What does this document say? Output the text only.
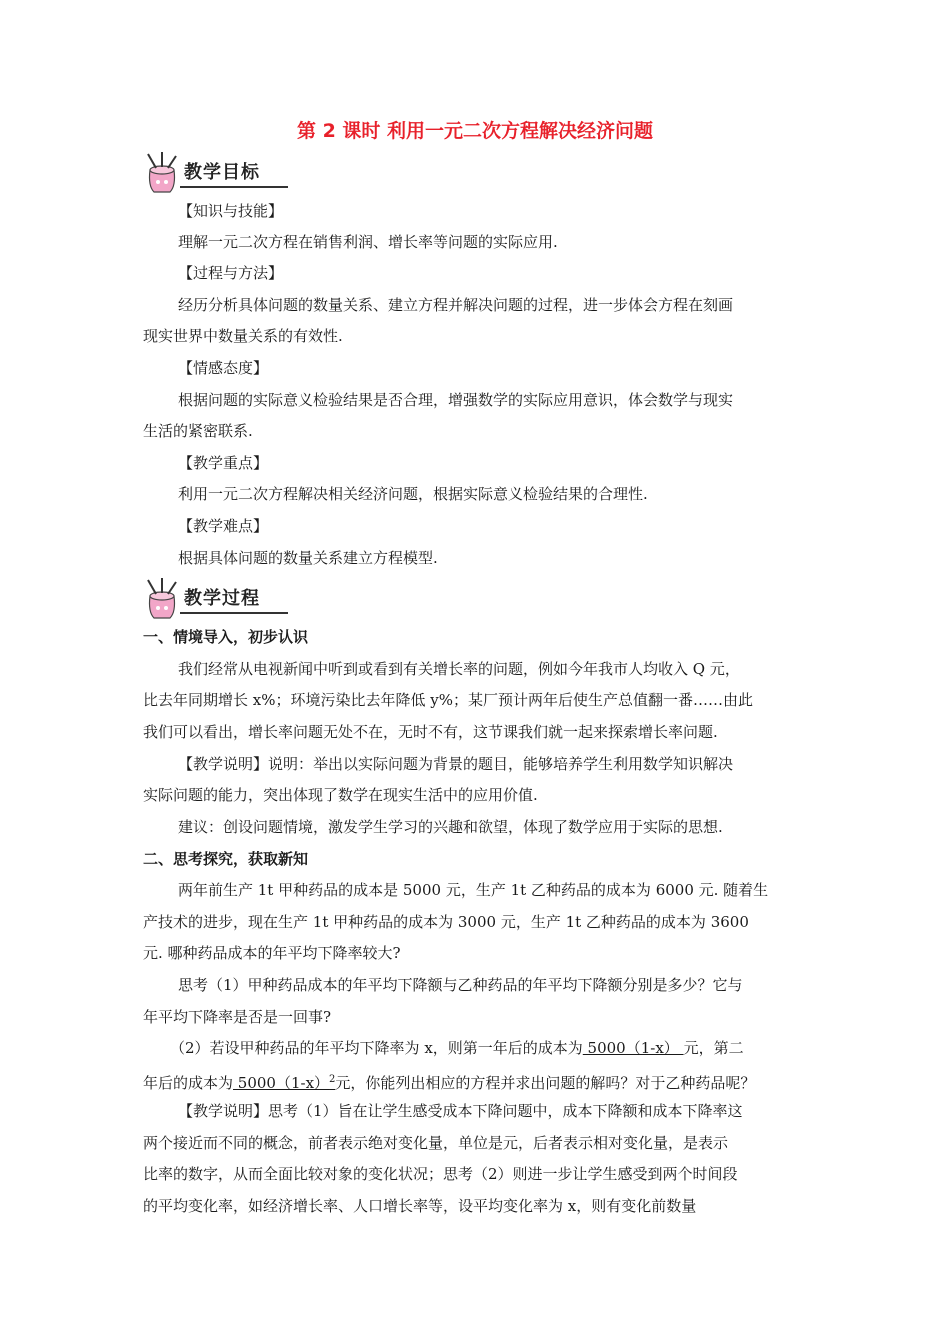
第 2 课时 利用一元二次方程解决经济问题
教学目标
【知识与技能】
理解一元二次方程在销售利润、增长率等问题的实际应用.
【过程与方法】
经历分析具体问题的数量关系、建立方程并解决问题的过程，进一步体会方程在刻画
现实世界中数量关系的有效性.
【情感态度】
根据问题的实际意义检验结果是否合理，增强数学的实际应用意识，体会数学与现实
生活的紧密联系.
【教学重点】
利用一元二次方程解决相关经济问题，根据实际意义检验结果的合理性.
【教学难点】
根据具体问题的数量关系建立方程模型.
教学过程
一、情境导入，初步认识
我们经常从电视新闻中听到或看到有关增长率的问题，例如今年我市人均收入 Q 元，
比去年同期增长 x%；环境污染比去年降低 y%；某厂预计两年后使生产总值翻一番……由此
我们可以看出，增长率问题无处不在，无时不有，这节课我们就一起来探索增长率问题.
【教学说明】说明：举出以实际问题为背景的题目，能够培养学生利用数学知识解决
实际问题的能力，突出体现了数学在现实生活中的应用价值.
建议：创设问题情境，激发学生学习的兴趣和欲望，体现了数学应用于实际的思想.
二、思考探究，获取新知
两年前生产 1t 甲种药品的成本是 5000 元，生产 1t 乙种药品的成本为 6000 元. 随着生
产技术的进步，现在生产 1t 甲种药品的成本为 3000 元，生产 1t 乙种药品的成本为 3600
元. 哪种药品成本的年平均下降率较大?
思考（1）甲种药品成本的年平均下降额与乙种药品的年平均下降额分别是多少？它与
年平均下降率是否是一回事?
（2）若设甲种药品的年平均下降率为 x，则第一年后的成本为 5000（1-x） 元，第二
年后的成本为 $5000(1-x)^2$元，你能列出相应的方程并求出问题的解吗？对于乙种药品呢？
【教学说明】思考（1）旨在让学生感受成本下降问题中，成本下降额和成本下降率这
两个接近而不同的概念，前者表示绝对变化量，单位是元，后者表示相对变化量，是表示
比率的数字，从而全面比较对象的变化状况；思考（2）则进一步让学生感受到两个时间段
的平均变化率，如经济增长率、人口增长率等，设平均变化率为 x，则有变化前数量
